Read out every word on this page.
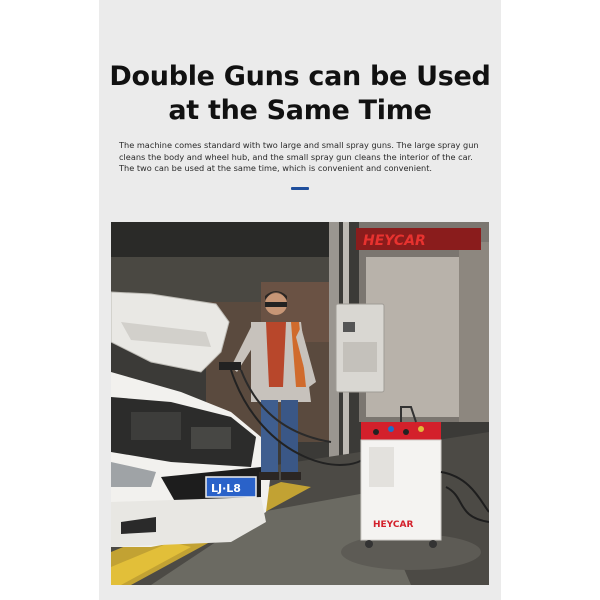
Double Guns can be Used
at the Same Time

The machine comes standard with two large and small spray guns. The large spray gun cleans the body and wheel hub, and the small spray gun cleans the interior of the car. The two can be used at the same time, which is convenient and convenient.

HEYCAR
LJ·L8
HEYCAR
